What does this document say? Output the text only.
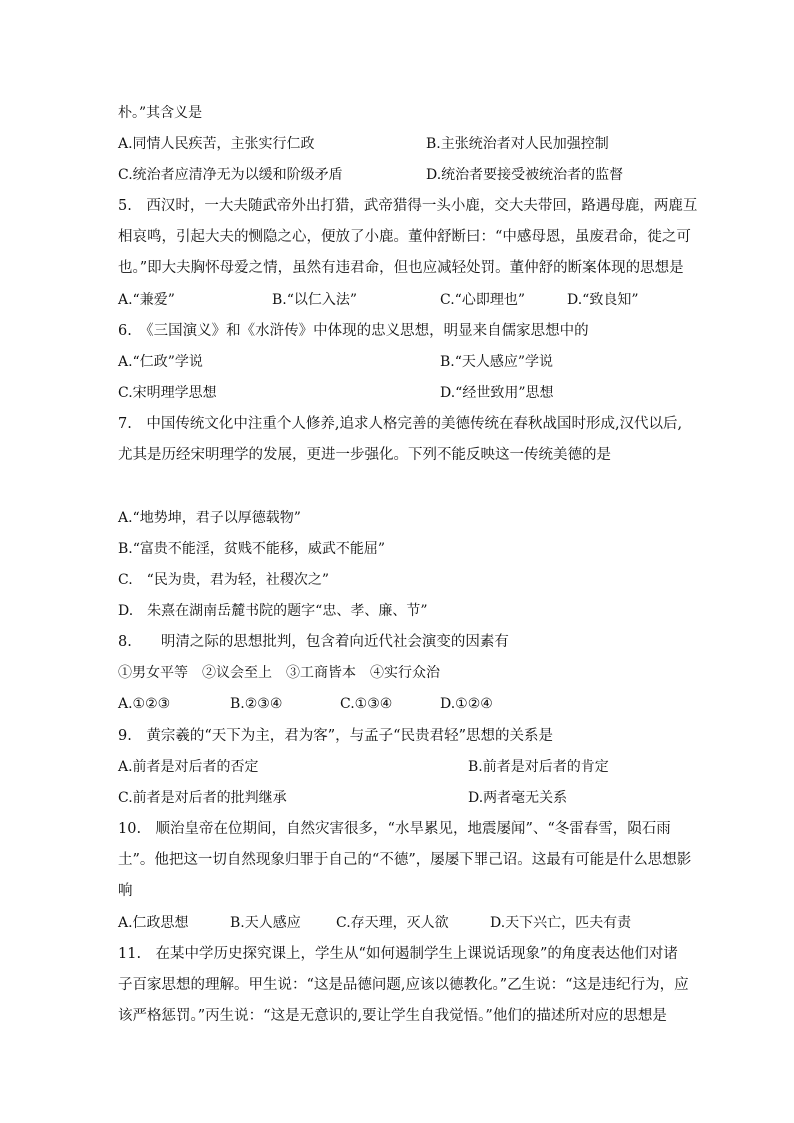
朴。”其含义是
A.同情人民疾苦，主张实行仁政	B.主张统治者对人民加强控制
C.统治者应清净无为以缓和阶级矛盾	D.统治者要接受被统治者的监督
5.　西汉时，一大夫随武帝外出打猎，武帝猎得一头小鹿，交大夫带回，路遇母鹿，两鹿互
相哀鸣，引起大夫的恻隐之心，便放了小鹿。董仲舒断曰：“中感母恩，虽废君命，徙之可
也。”即大夫胸怀母爱之情，虽然有违君命，但也应减轻处罚。董仲舒的断案体现的思想是
A.“兼爱”	B.“以仁入法”	C.“心即理也”	D.“致良知”
6.　《三国演义》和《水浒传》中体现的忠义思想，明显来自儒家思想中的
A.“仁政”学说	B.“天人感应”学说
C.宋明理学思想	D.“经世致用”思想
7.　中国传统文化中注重个人修养,追求人格完善的美德传统在春秋战国时形成,汉代以后,
尤其是历经宋明理学的发展，更进一步强化。下列不能反映这一传统美德的是
A.“地势坤，君子以厚德载物”
B.“富贵不能淫，贫贱不能移，威武不能屈”
C.　“民为贵，君为轻，社稷次之”
D.　朱熹在湖南岳麓书院的题字“忠、孝、廉、节”
8.　　明清之际的思想批判，包含着向近代社会演变的因素有
①男女平等　②议会至上　③工商皆本　④实行众治
A.①②③	B.②③④	C.①③④	D.①②④
9.　黄宗羲的“天下为主，君为客”，与孟子“民贵君轻”思想的关系是
A.前者是对后者的否定	B.前者是对后者的肯定
C.前者是对后者的批判继承	D.两者毫无关系
10.　顺治皇帝在位期间，自然灾害很多，“水旱累见，地震屡闻”、“冬雷春雪，陨石雨
土”。他把这一切自然现象归罪于自己的“不德”，屡屡下罪己诏。这最有可能是什么思想影
响
A.仁政思想	B.天人感应	C.存天理，灭人欲	D.天下兴亡，匹夫有责
11.　在某中学历史探究课上，学生从“如何遏制学生上课说话现象”的角度表达他们对诸
子百家思想的理解。甲生说：“这是品德问题,应该以德教化。”乙生说：“这是违纪行为，应
该严格惩罚。”丙生说：“这是无意识的,要让学生自我觉悟。”他们的描述所对应的思想是
